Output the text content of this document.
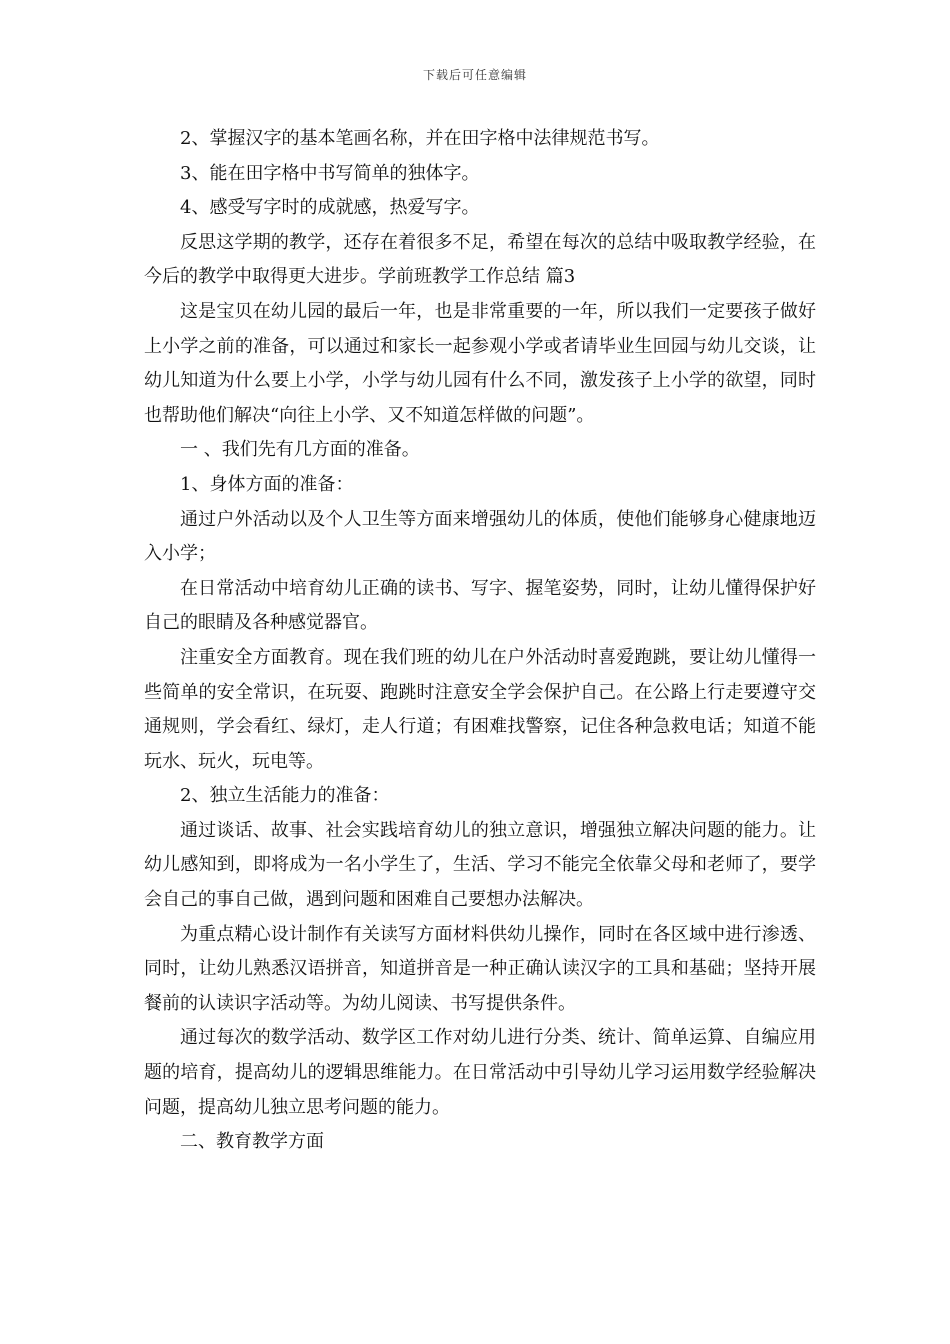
下载后可任意编辑

2、掌握汉字的基本笔画名称，并在田字格中法律规范书写。

3、能在田字格中书写简单的独体字。

4、感受写字时的成就感，热爱写字。

反思这学期的教学，还存在着很多不足，希望在每次的总结中吸取教学经验，在今后的教学中取得更大进步。学前班教学工作总结 篇3

这是宝贝在幼儿园的最后一年，也是非常重要的一年，所以我们一定要孩子做好上小学之前的准备，可以通过和家长一起参观小学或者请毕业生回园与幼儿交谈，让幼儿知道为什么要上小学，小学与幼儿园有什么不同，激发孩子上小学的欲望，同时也帮助他们解决“向往上小学、又不知道怎样做的问题”。

一 、我们先有几方面的准备。

1、身体方面的准备：

通过户外活动以及个人卫生等方面来增强幼儿的体质，使他们能够身心健康地迈入小学；

在日常活动中培育幼儿正确的读书、写字、握笔姿势，同时，让幼儿懂得保护好自己的眼睛及各种感觉器官。

注重安全方面教育。现在我们班的幼儿在户外活动时喜爱跑跳，要让幼儿懂得一些简单的安全常识，在玩耍、跑跳时注意安全学会保护自己。在公路上行走要遵守交通规则，学会看红、绿灯，走人行道；有困难找警察，记住各种急救电话；知道不能玩水、玩火，玩电等。

2、独立生活能力的准备：

通过谈话、故事、社会实践培育幼儿的独立意识，增强独立解决问题的能力。让幼儿感知到，即将成为一名小学生了，生活、学习不能完全依靠父母和老师了，要学会自己的事自己做，遇到问题和困难自己要想办法解决。

为重点精心设计制作有关读写方面材料供幼儿操作，同时在各区域中进行渗透、同时，让幼儿熟悉汉语拼音，知道拼音是一种正确认读汉字的工具和基础；坚持开展餐前的认读识字活动等。为幼儿阅读、书写提供条件。

通过每次的数学活动、数学区工作对幼儿进行分类、统计、简单运算、自编应用题的培育，提高幼儿的逻辑思维能力。在日常活动中引导幼儿学习运用数学经验解决问题，提高幼儿独立思考问题的能力。

二、教育教学方面
